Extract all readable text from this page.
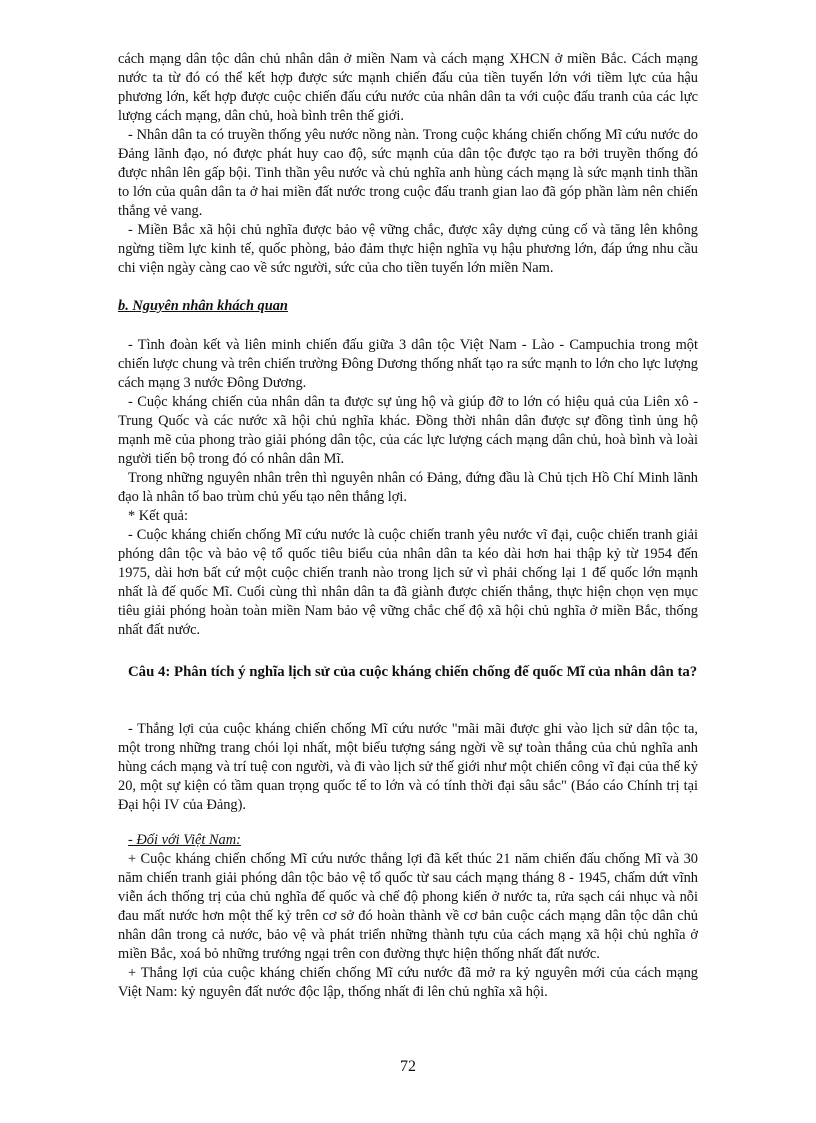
cách mạng dân tộc dân chủ nhân dân ở miền Nam và cách mạng XHCN ở miền Bắc. Cách mạng nước ta từ đó có thể kết hợp được sức mạnh chiến đấu của tiền tuyến lớn với tiềm lực của hậu phương lớn, kết hợp được cuộc chiến đấu cứu nước của nhân dân ta với cuộc đấu tranh của các lực lượng cách mạng, dân chủ, hoà bình trên thế giới.

- Nhân dân ta có truyền thống yêu nước nồng nàn. Trong cuộc kháng chiến chống Mĩ cứu nước do Đảng lãnh đạo, nó được phát huy cao độ, sức mạnh của dân tộc được tạo ra bởi truyền thống đó được nhân lên gấp bội. Tinh thần yêu nước và chủ nghĩa anh hùng cách mạng là sức mạnh tinh thần to lớn của quân dân ta ở hai miền đất nước trong cuộc đấu tranh gian lao đã góp phần làm nên chiến thắng vẻ vang.

- Miền Bắc xã hội chủ nghĩa được bảo vệ vững chắc, được xây dựng củng cố và tăng lên không ngừng tiềm lực kinh tế, quốc phòng, bảo đảm thực hiện nghĩa vụ hậu phương lớn, đáp ứng nhu cầu chi viện ngày càng cao về sức người, sức của cho tiền tuyến lớn miền Nam.

b. Nguyên nhân khách quan

- Tình đoàn kết và liên minh chiến đấu giữa 3 dân tộc Việt Nam - Lào - Campuchia trong một chiến lược chung và trên chiến trường Đông Dương thống nhất tạo ra sức mạnh to lớn cho lực lượng cách mạng 3 nước Đông Dương.

- Cuộc kháng chiến của nhân dân ta được sự ủng hộ và giúp đỡ to lớn có hiệu quả của Liên xô - Trung Quốc và các nước xã hội chủ nghĩa khác. Đồng thời nhân dân được sự đồng tình ủng hộ mạnh mẽ của phong trào giải phóng dân tộc, của các lực lượng cách mạng dân chủ, hoà bình và loài người tiến bộ trong đó có nhân dân Mĩ.

Trong những nguyên nhân trên thì nguyên nhân có Đảng, đứng đầu là Chủ tịch Hồ Chí Minh lãnh đạo là nhân tố bao trùm chủ yếu tạo nên thắng lợi.

* Kết quả:

- Cuộc kháng chiến chống Mĩ cứu nước là cuộc chiến tranh yêu nước vĩ đại, cuộc chiến tranh giải phóng dân tộc và bảo vệ tổ quốc tiêu biểu của nhân dân ta kéo dài hơn hai thập kỷ từ 1954 đến 1975, dài hơn bất cứ một cuộc chiến tranh nào trong lịch sử vì phải chống lại 1 đế quốc lớn mạnh nhất là đế quốc Mĩ. Cuối cùng thì nhân dân ta đã giành được chiến thắng, thực hiện chọn vẹn mục tiêu giải phóng hoàn toàn miền Nam bảo vệ vững chắc chế độ xã hội chủ nghĩa ở miền Bắc, thống nhất đất nước.

Câu 4: Phân tích ý nghĩa lịch sử của cuộc kháng chiến chống đế quốc Mĩ của nhân dân ta?

- Thắng lợi của cuộc kháng chiến chống Mĩ cứu nước "mãi mãi được ghi vào lịch sử dân tộc ta, một trong những trang chói lọi nhất, một biểu tượng sáng ngời về sự toàn thắng của chủ nghĩa anh hùng cách mạng và trí tuệ con người, và đi vào lịch sử thế giới như một chiến công vĩ đại của thế kỷ 20, một sự kiện có tầm quan trọng quốc tế to lớn và có tính thời đại sâu sắc" (Báo cáo Chính trị tại Đại hội IV của Đảng).

- Đối với Việt Nam:

+ Cuộc kháng chiến chống Mĩ cứu nước thắng lợi đã kết thúc 21 năm chiến đấu chống Mĩ và 30 năm chiến tranh giải phóng dân tộc bảo vệ tổ quốc từ sau cách mạng tháng 8 - 1945, chấm dứt vĩnh viễn ách thống trị của chủ nghĩa đế quốc và chế độ phong kiến ở nước ta, rửa sạch cái nhục và nỗi đau mất nước hơn một thế kỷ trên cơ sở đó hoàn thành về cơ bản cuộc cách mạng dân tộc dân chủ nhân dân trong cả nước, bảo vệ và phát triển những thành tựu của cách mạng xã hội chủ nghĩa ở miền Bắc, xoá bỏ những trướng ngại trên con đường thực hiện thống nhất đất nước.

+ Thắng lợi của cuộc kháng chiến chống Mĩ cứu nước đã mở ra kỷ nguyên mới của cách mạng Việt Nam: kỷ nguyên đất nước độc lập, thống nhất đi lên chủ nghĩa xã hội.

72
